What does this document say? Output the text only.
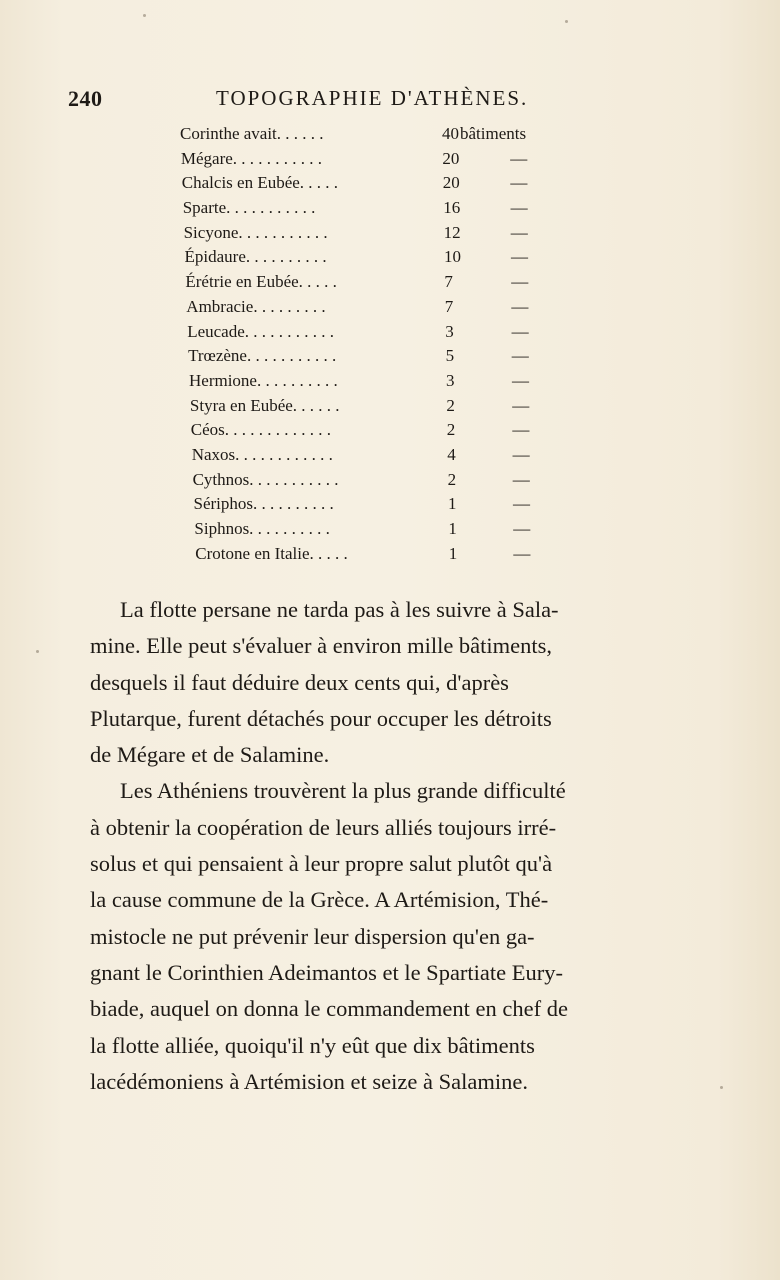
240	TOPOGRAPHIE D'ATHÈNES.
Corinthe avait. . . . . .	40 bâtiments
Mégare. . . . . . . . . . .	20	—
Chalcis en Eubée. . . . .	20	—
Sparte. . . . . . . . . . .	16	—
Sicyone. . . . . . . . . . .	12	—
Épidaure. . . . . . . . . .	10	—
Érétrie en Eubée. . . . .	7	—
Ambracie. . . . . . . . .	7	—
Leucade. . . . . . . . . . .	3	—
Trœzène. . . . . . . . . . .	5	—
Hermione. . . . . . . . . .	3	—
Styra en Eubée. . . . . .	2	—
Céos. . . . . . . . . . . . .	2	—
Naxos. . . . . . . . . . . .	4	—
Cythnos. . . . . . . . . . .	2	—
Sériphos. . . . . . . . . .	1	—
Siphnos. . . . . . . . . .	1	—
Crotone en Italie. . . . .	1	—

La flotte persane ne tarda pas à les suivre à Sala-

mine. Elle peut s'évaluer à environ mille bâtiments,

desquels il faut déduire deux cents qui, d'après

Plutarque, furent détachés pour occuper les détroits

de Mégare et de Salamine.

Les Athéniens trouvèrent la plus grande difficulté

à obtenir la coopération de leurs alliés toujours irré-

solus et qui pensaient à leur propre salut plutôt qu'à

la cause commune de la Grèce. A Artémision, Thé-

mistocle ne put prévenir leur dispersion qu'en ga-

gnant le Corinthien Adeimantos et le Spartiate Eury-

biade, auquel on donna le commandement en chef de

la flotte alliée, quoiqu'il n'y eût que dix bâtiments

lacédémoniens à Artémision et seize à Salamine.
